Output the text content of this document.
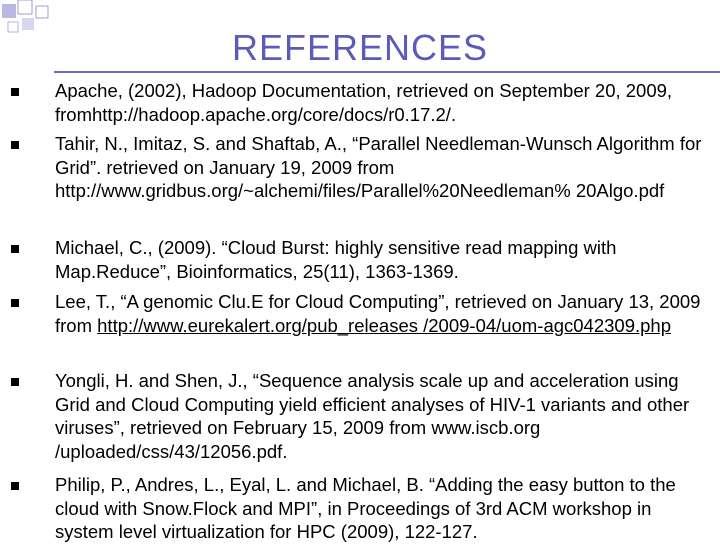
REFERENCES
Apache, (2002), Hadoop Documentation, retrieved on September 20, 2009, fromhttp://hadoop.apache.org/core/docs/r0.17.2/.
Tahir, N., Imitaz, S. and Shaftab, A., “Parallel Needleman-Wunsch Algorithm for Grid”. retrieved on January 19, 2009 from http://www.gridbus.org/~alchemi/files/Parallel%20Needleman% 20Algo.pdf
Michael, C., (2009). “Cloud Burst: highly sensitive read mapping with Map.Reduce”, Bioinformatics, 25(11), 1363-1369.
Lee, T., “A genomic Clu.E for Cloud Computing”, retrieved on January 13, 2009 from http://www.eurekalert.org/pub_releases /2009-04/uom-agc042309.php
Yongli, H. and Shen, J., “Sequence analysis scale up and acceleration using Grid and Cloud Computing yield efficient analyses of HIV-1 variants and other viruses”, retrieved on February 15, 2009 from www.iscb.org /uploaded/css/43/12056.pdf.
Philip, P., Andres, L., Eyal, L. and Michael, B. “Adding the easy button to the cloud with Snow.Flock and MPI”, in Proceedings of 3rd ACM workshop in system level virtualization for HPC (2009), 122-127.
